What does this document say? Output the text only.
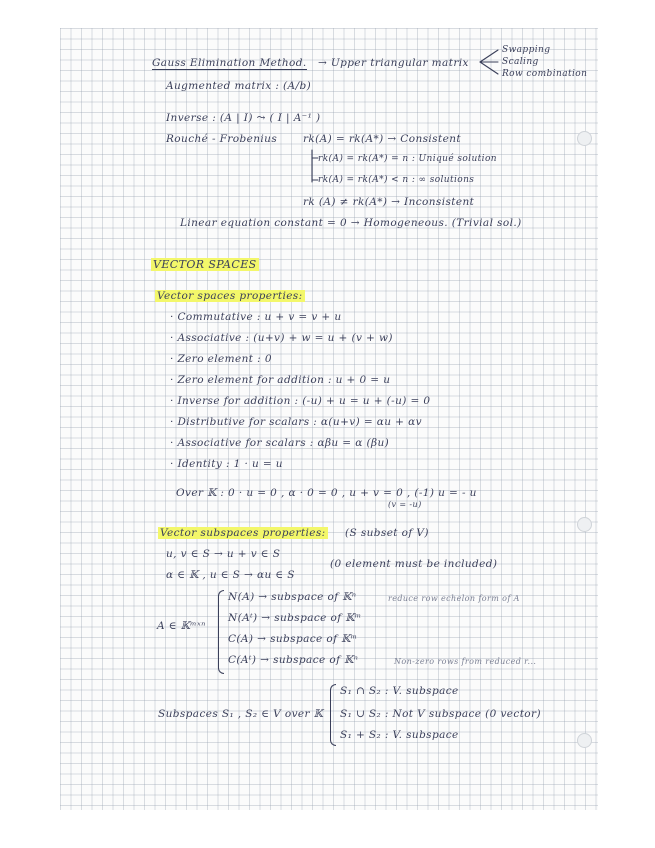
Gauss Elimination Method. → Upper triangular matrix
Swapping
Scaling
Row combination
Augmented matrix : (A/b)
Inverse : (A | I) ⤳ ( I | A⁻¹ )
Rouché - Frobenius rk(A) = rk(A*) → Consistent
rk(A) = rk(A*) = n : Uniqué solution
rk(A) = rk(A*) < n : ∞ solutions
rk (A) ≠ rk(A*) → Inconsistent
Linear equation constant = 0 → Homogeneous. (Trivial sol.)
VECTOR SPACES
Vector spaces properties:
· Commutative : u + v = v + u
· Associative : (u+v) + w = u + (v + w)
· Zero element : 0
· Zero element for addition : u + 0 = u
· Inverse for addition : (-u) + u = u + (-u) = 0
· Distributive for scalars : α(u+v) = αu + αv
· Associative for scalars : αβu = α (βu)
· Identity : 1 · u = u
Over 𝕂 : 0 · u = 0 , α · 0 = 0 , u + v = 0 , (-1) u = - u
(v = -u)
Vector subspaces properties: (S subset of V)
u, v ∈ S → u + v ∈ S
(0 element must be included)
α ∈ 𝕂 , u ∈ S → αu ∈ S
A ∈ 𝕂ᵐˣⁿ
N(A) → subspace of 𝕂ⁿ
N(Aᵗ) → subspace of 𝕂ᵐ
C(A) → subspace of 𝕂ᵐ
C(Aᵗ) → subspace of 𝕂ⁿ
reduce row echelon form of A
Non-zero rows from reduced r...
Subspaces S₁ , S₂ ∈ V over 𝕂
S₁ ∩ S₂ : V. subspace
S₁ ∪ S₂ : Not V subspace (0 vector)
S₁ + S₂ : V. subspace
